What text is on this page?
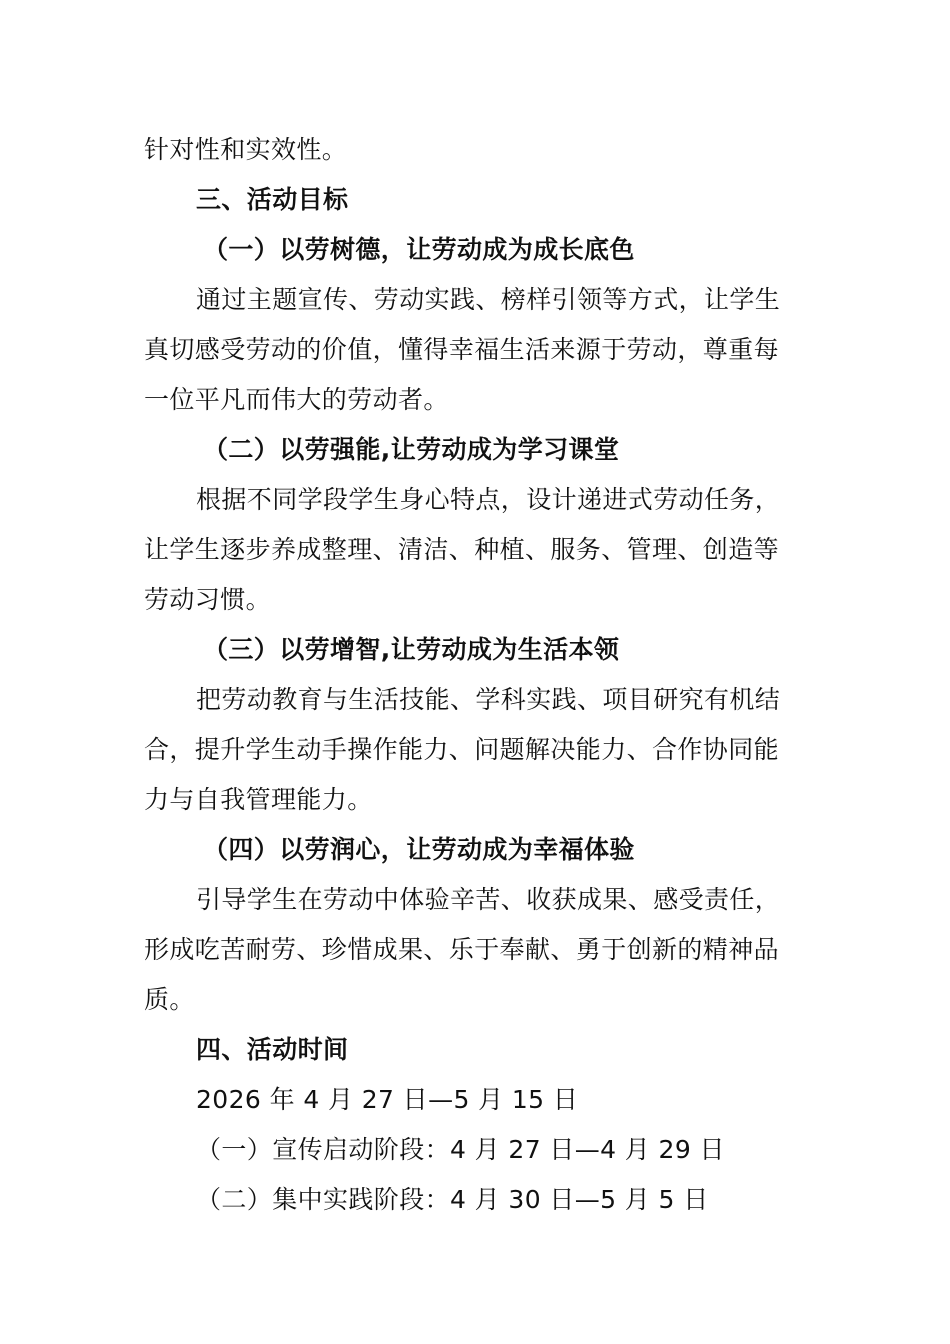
针对性和实效性。
三、活动目标
（一）以劳树德，让劳动成为成长底色
通过主题宣传、劳动实践、榜样引领等方式，让学生
真切感受劳动的价值，懂得幸福生活来源于劳动，尊重每
一位平凡而伟大的劳动者。
（二）以劳强能,让劳动成为学习课堂
根据不同学段学生身心特点，设计递进式劳动任务，
让学生逐步养成整理、清洁、种植、服务、管理、创造等
劳动习惯。
（三）以劳增智,让劳动成为生活本领
把劳动教育与生活技能、学科实践、项目研究有机结
合，提升学生动手操作能力、问题解决能力、合作协同能
力与自我管理能力。
（四）以劳润心，让劳动成为幸福体验
引导学生在劳动中体验辛苦、收获成果、感受责任，
形成吃苦耐劳、珍惜成果、乐于奉献、勇于创新的精神品
质。
四、活动时间
2026 年 4 月 27 日—5 月 15 日
（一）宣传启动阶段：4 月 27 日—4 月 29 日
（二）集中实践阶段：4 月 30 日—5 月 5 日
